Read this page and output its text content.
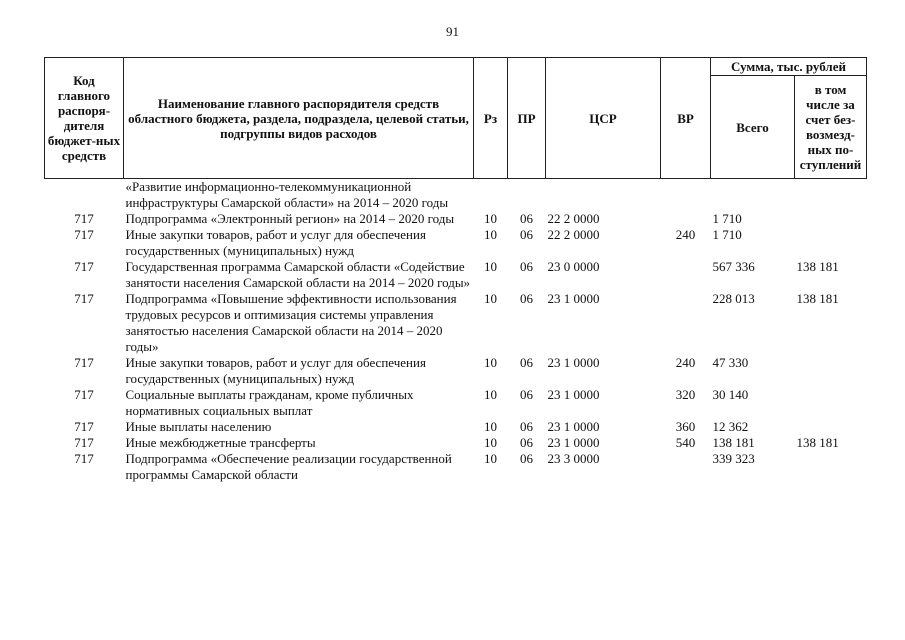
91
Код главного распоря-дителя бюджет-ных средств	Наименование главного распорядителя средств областного бюджета, раздела, подраздела, целевой статьи, подгруппы видов расходов	Рз	ПР	ЦСР	ВР	Сумма, тыс. рублей	
						Всего	в том числе за счет без-возмезд-ных по-ступлений
	«Развитие информационно-телекоммуникационной инфраструктуры Самарской области» на 2014 – 2020 годы						
717	Подпрограмма «Электронный регион» на 2014 – 2020 годы	10	06	22 2 0000		1 710	
717	Иные закупки товаров, работ и услуг для обеспечения государственных (муниципальных) нужд	10	06	22 2 0000	240	1 710	
717	Государственная программа Самарской области «Содействие занятости населения Самарской области на 2014 – 2020 годы»	10	06	23 0 0000		567 336	138 181
717	Подпрограмма «Повышение эффективности использования трудовых ресурсов и оптимизация системы управления занятостью населения Самарской области на 2014 – 2020 годы»	10	06	23 1 0000		228 013	138 181
717	Иные закупки товаров, работ и услуг для обеспечения государственных (муниципальных) нужд	10	06	23 1 0000	240	47 330	
717	Социальные выплаты гражданам, кроме публичных нормативных социальных выплат	10	06	23 1 0000	320	30 140	
717	Иные выплаты населению	10	06	23 1 0000	360	12 362	
717	Иные межбюджетные трансферты	10	06	23 1 0000	540	138 181	138 181
717	Подпрограмма «Обеспечение реализации государственной программы Самарской области	10	06	23 3 0000		339 323	
